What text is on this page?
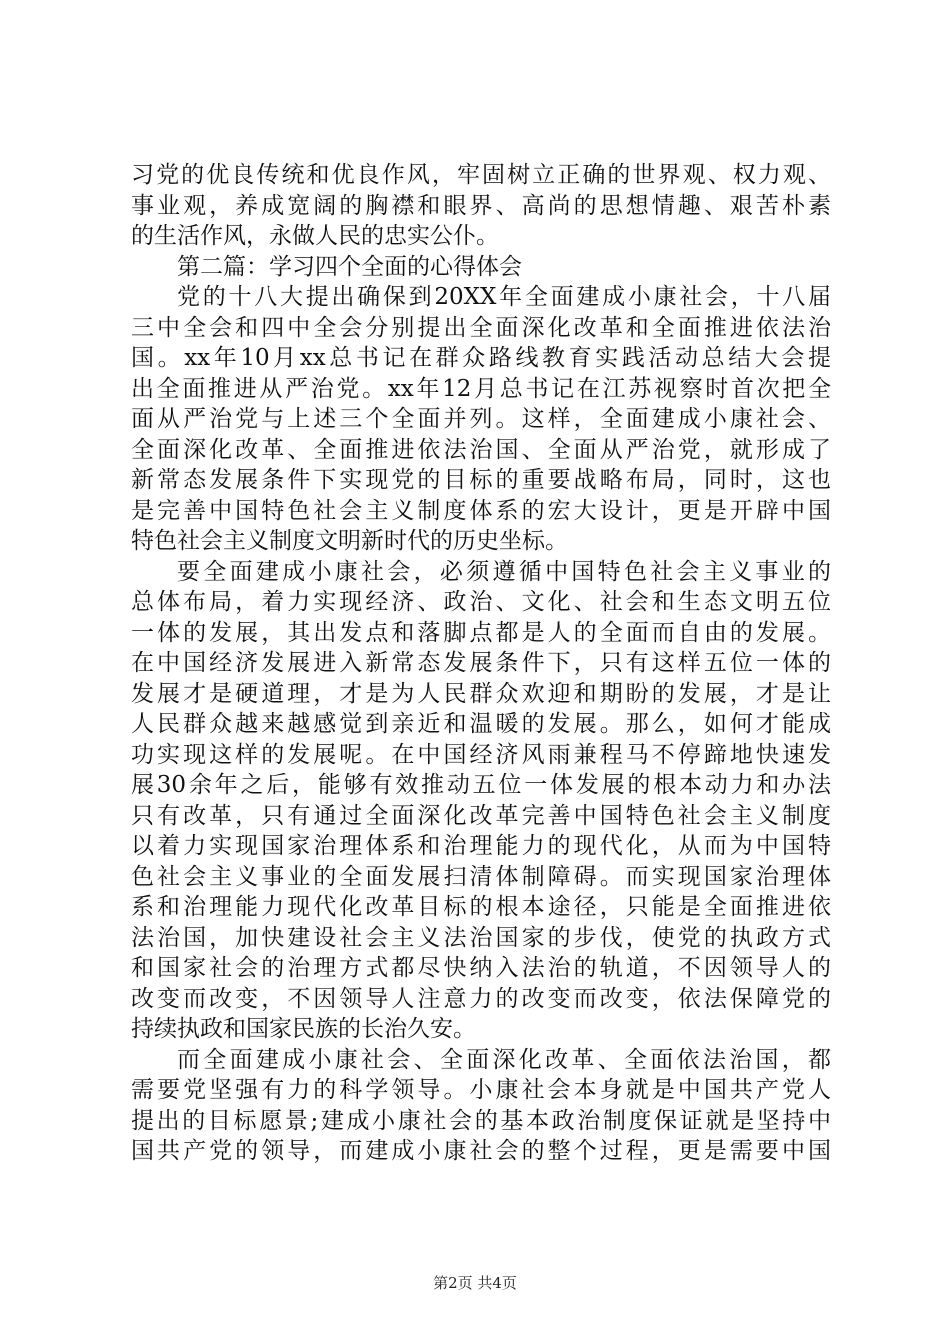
习党的优良传统和优良作风，牢固树立正确的世界观、权力观、
事业观，养成宽阔的胸襟和眼界、高尚的思想情趣、艰苦朴素
的生活作风，永做人民的忠实公仆。
第二篇：学习四个全面的心得体会
党的十八大提出确保到20XX年全面建成小康社会，十八届
三中全会和四中全会分别提出全面深化改革和全面推进依法治
国。xx年10月xx总书记在群众路线教育实践活动总结大会提
出全面推进从严治党。xx年12月总书记在江苏视察时首次把全
面从严治党与上述三个全面并列。这样，全面建成小康社会、
全面深化改革、全面推进依法治国、全面从严治党，就形成了
新常态发展条件下实现党的目标的重要战略布局，同时，这也
是完善中国特色社会主义制度体系的宏大设计，更是开辟中国
特色社会主义制度文明新时代的历史坐标。
要全面建成小康社会，必须遵循中国特色社会主义事业的
总体布局，着力实现经济、政治、文化、社会和生态文明五位
一体的发展，其出发点和落脚点都是人的全面而自由的发展。
在中国经济发展进入新常态发展条件下，只有这样五位一体的
发展才是硬道理，才是为人民群众欢迎和期盼的发展，才是让
人民群众越来越感觉到亲近和温暖的发展。那么，如何才能成
功实现这样的发展呢。在中国经济风雨兼程马不停蹄地快速发
展30余年之后，能够有效推动五位一体发展的根本动力和办法
只有改革，只有通过全面深化改革完善中国特色社会主义制度
以着力实现国家治理体系和治理能力的现代化，从而为中国特
色社会主义事业的全面发展扫清体制障碍。而实现国家治理体
系和治理能力现代化改革目标的根本途径，只能是全面推进依
法治国，加快建设社会主义法治国家的步伐，使党的执政方式
和国家社会的治理方式都尽快纳入法治的轨道，不因领导人的
改变而改变，不因领导人注意力的改变而改变，依法保障党的
持续执政和国家民族的长治久安。
而全面建成小康社会、全面深化改革、全面依法治国，都
需要党坚强有力的科学领导。小康社会本身就是中国共产党人
提出的目标愿景;建成小康社会的基本政治制度保证就是坚持中
国共产党的领导，而建成小康社会的整个过程，更是需要中国
第2页 共4页
